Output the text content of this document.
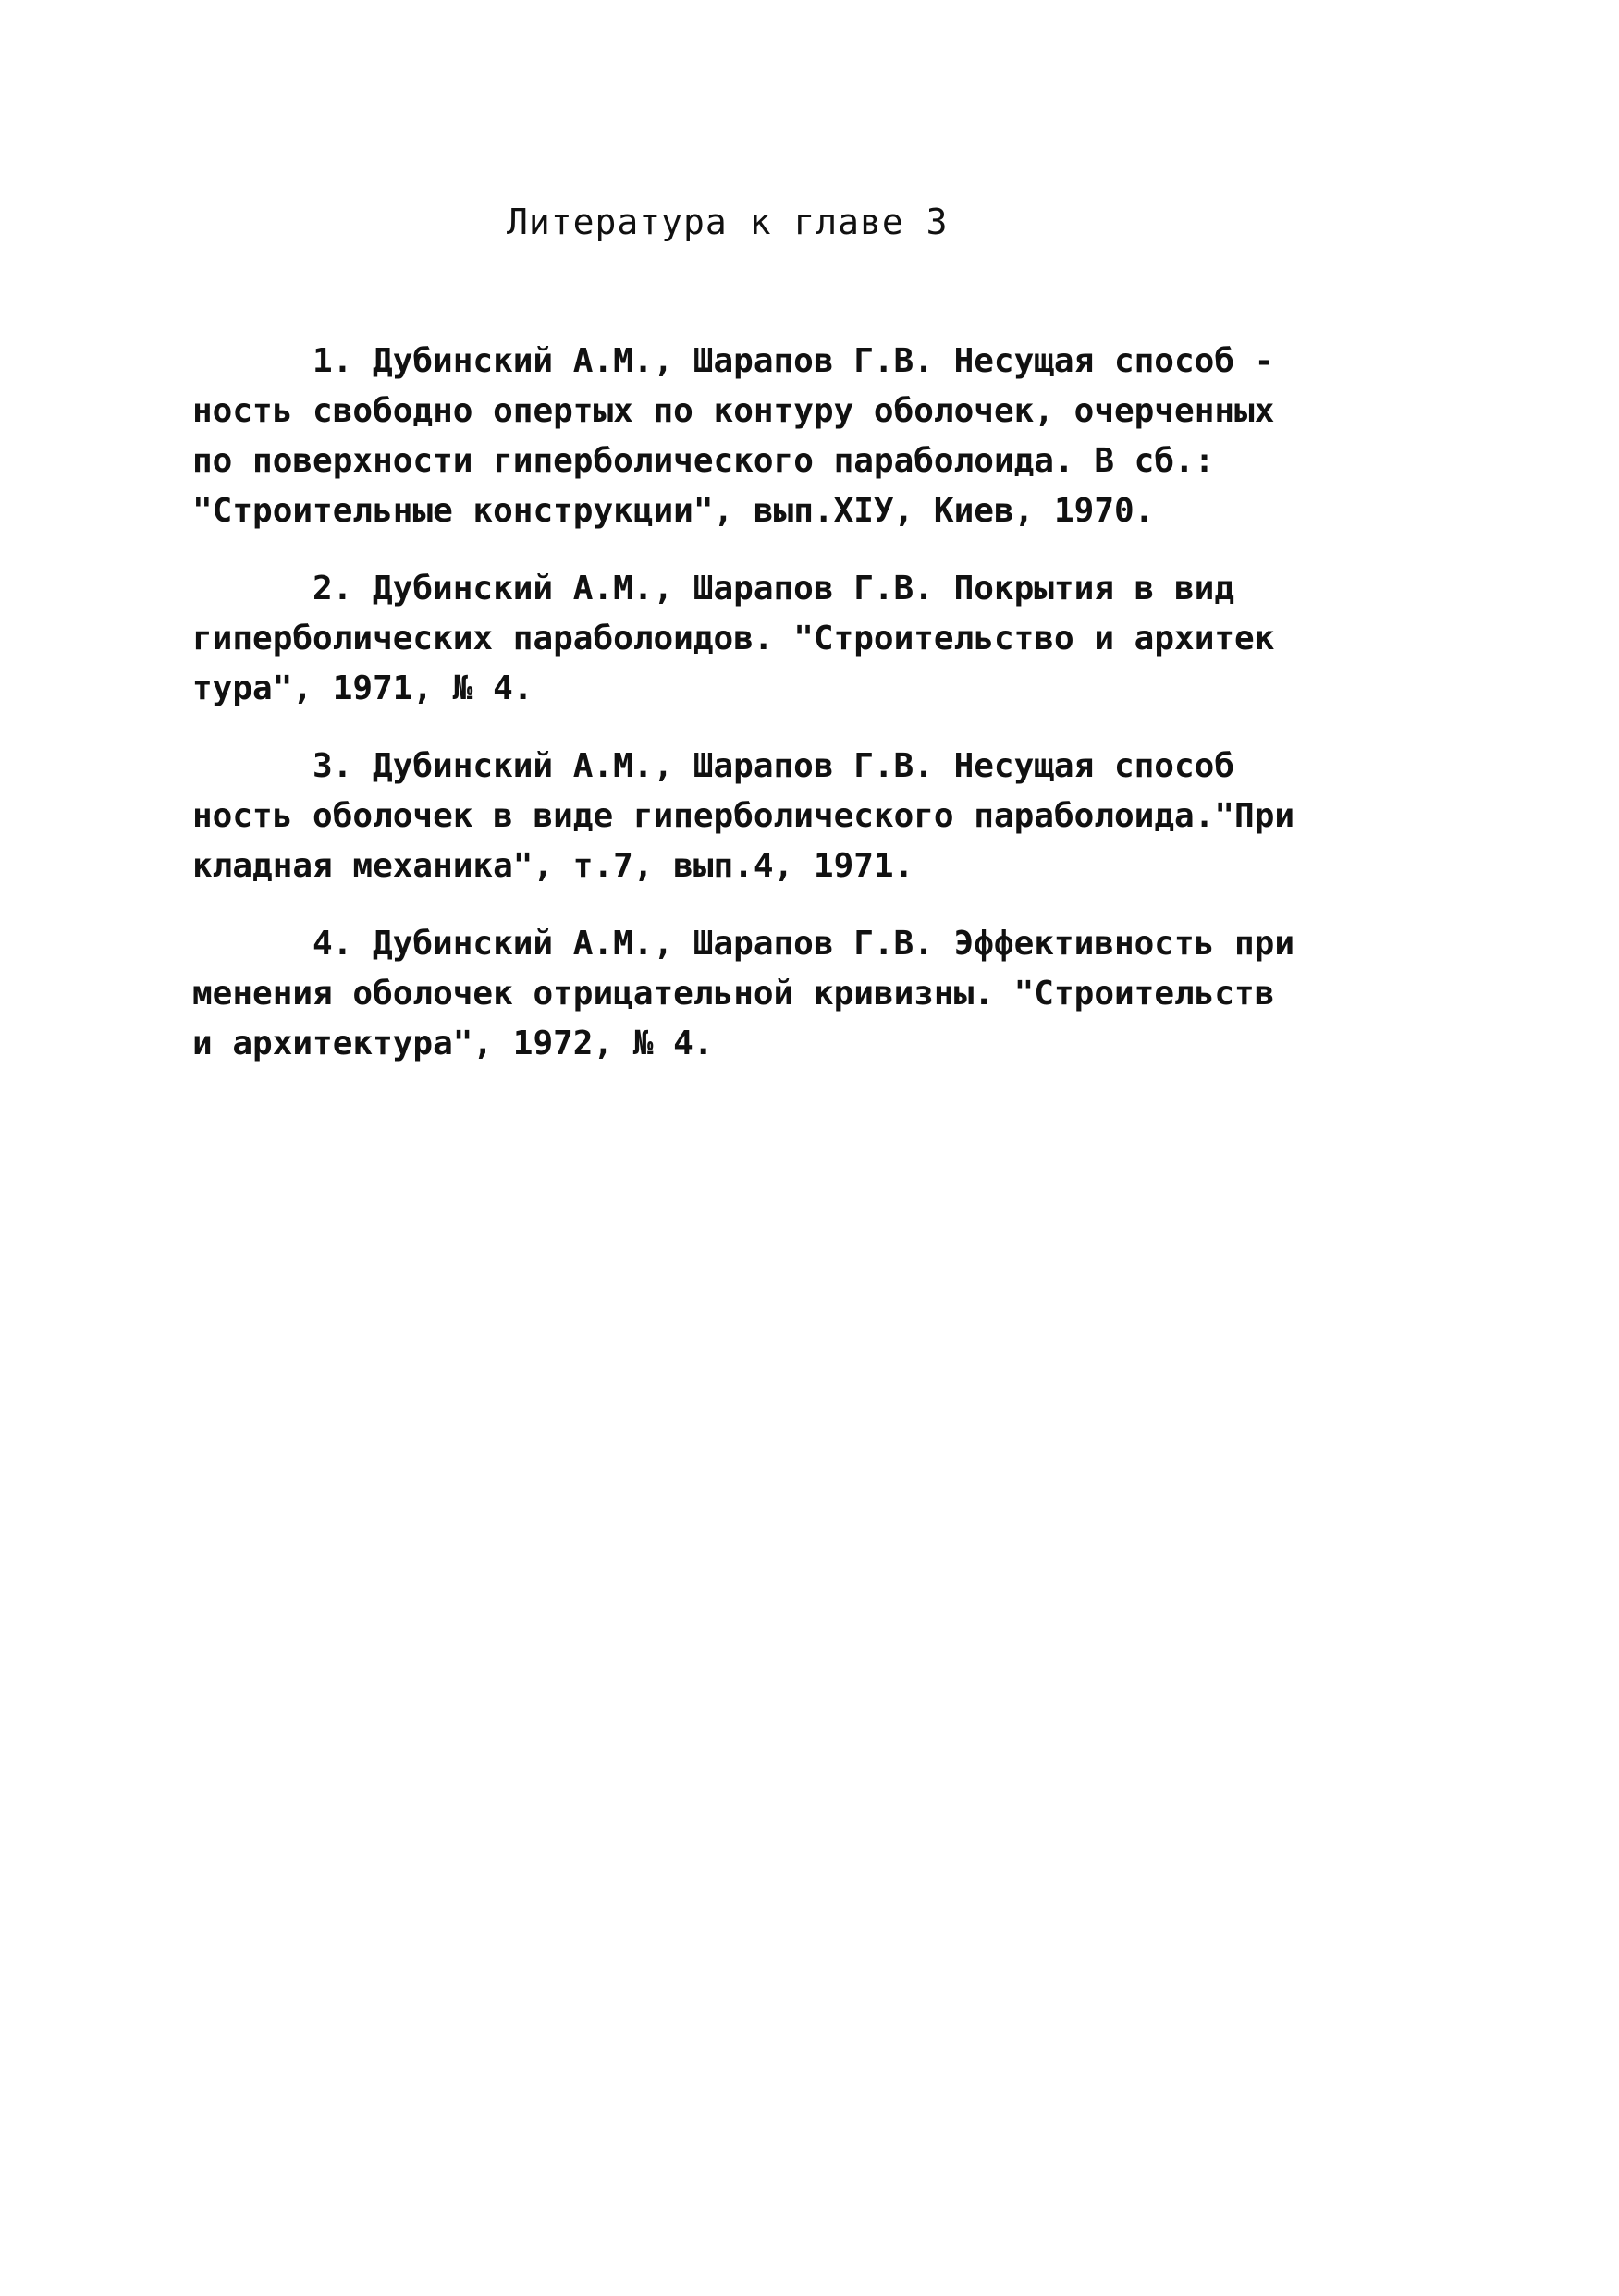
Литература к главе 3
1. Дубинский А.М., Шарапов Г.В. Несущая способ -
ность свободно опертых по контуру оболочек, очерченных
по поверхности гиперболического параболоида. В сб.:
"Строительные конструкции", вып.XIУ, Киев, 1970.
2. Дубинский А.М., Шарапов Г.В. Покрытия в вид
гиперболических параболоидов. "Строительство и архитек
тура", 1971, № 4.
3. Дубинский А.М., Шарапов Г.В. Несущая способ
ность оболочек в виде гиперболического параболоида."При
кладная механика", т.7, вып.4, 1971.
4. Дубинский А.М., Шарапов Г.В. Эффективность при
менения оболочек отрицательной кривизны. "Строительств
и архитектура", 1972, № 4.
